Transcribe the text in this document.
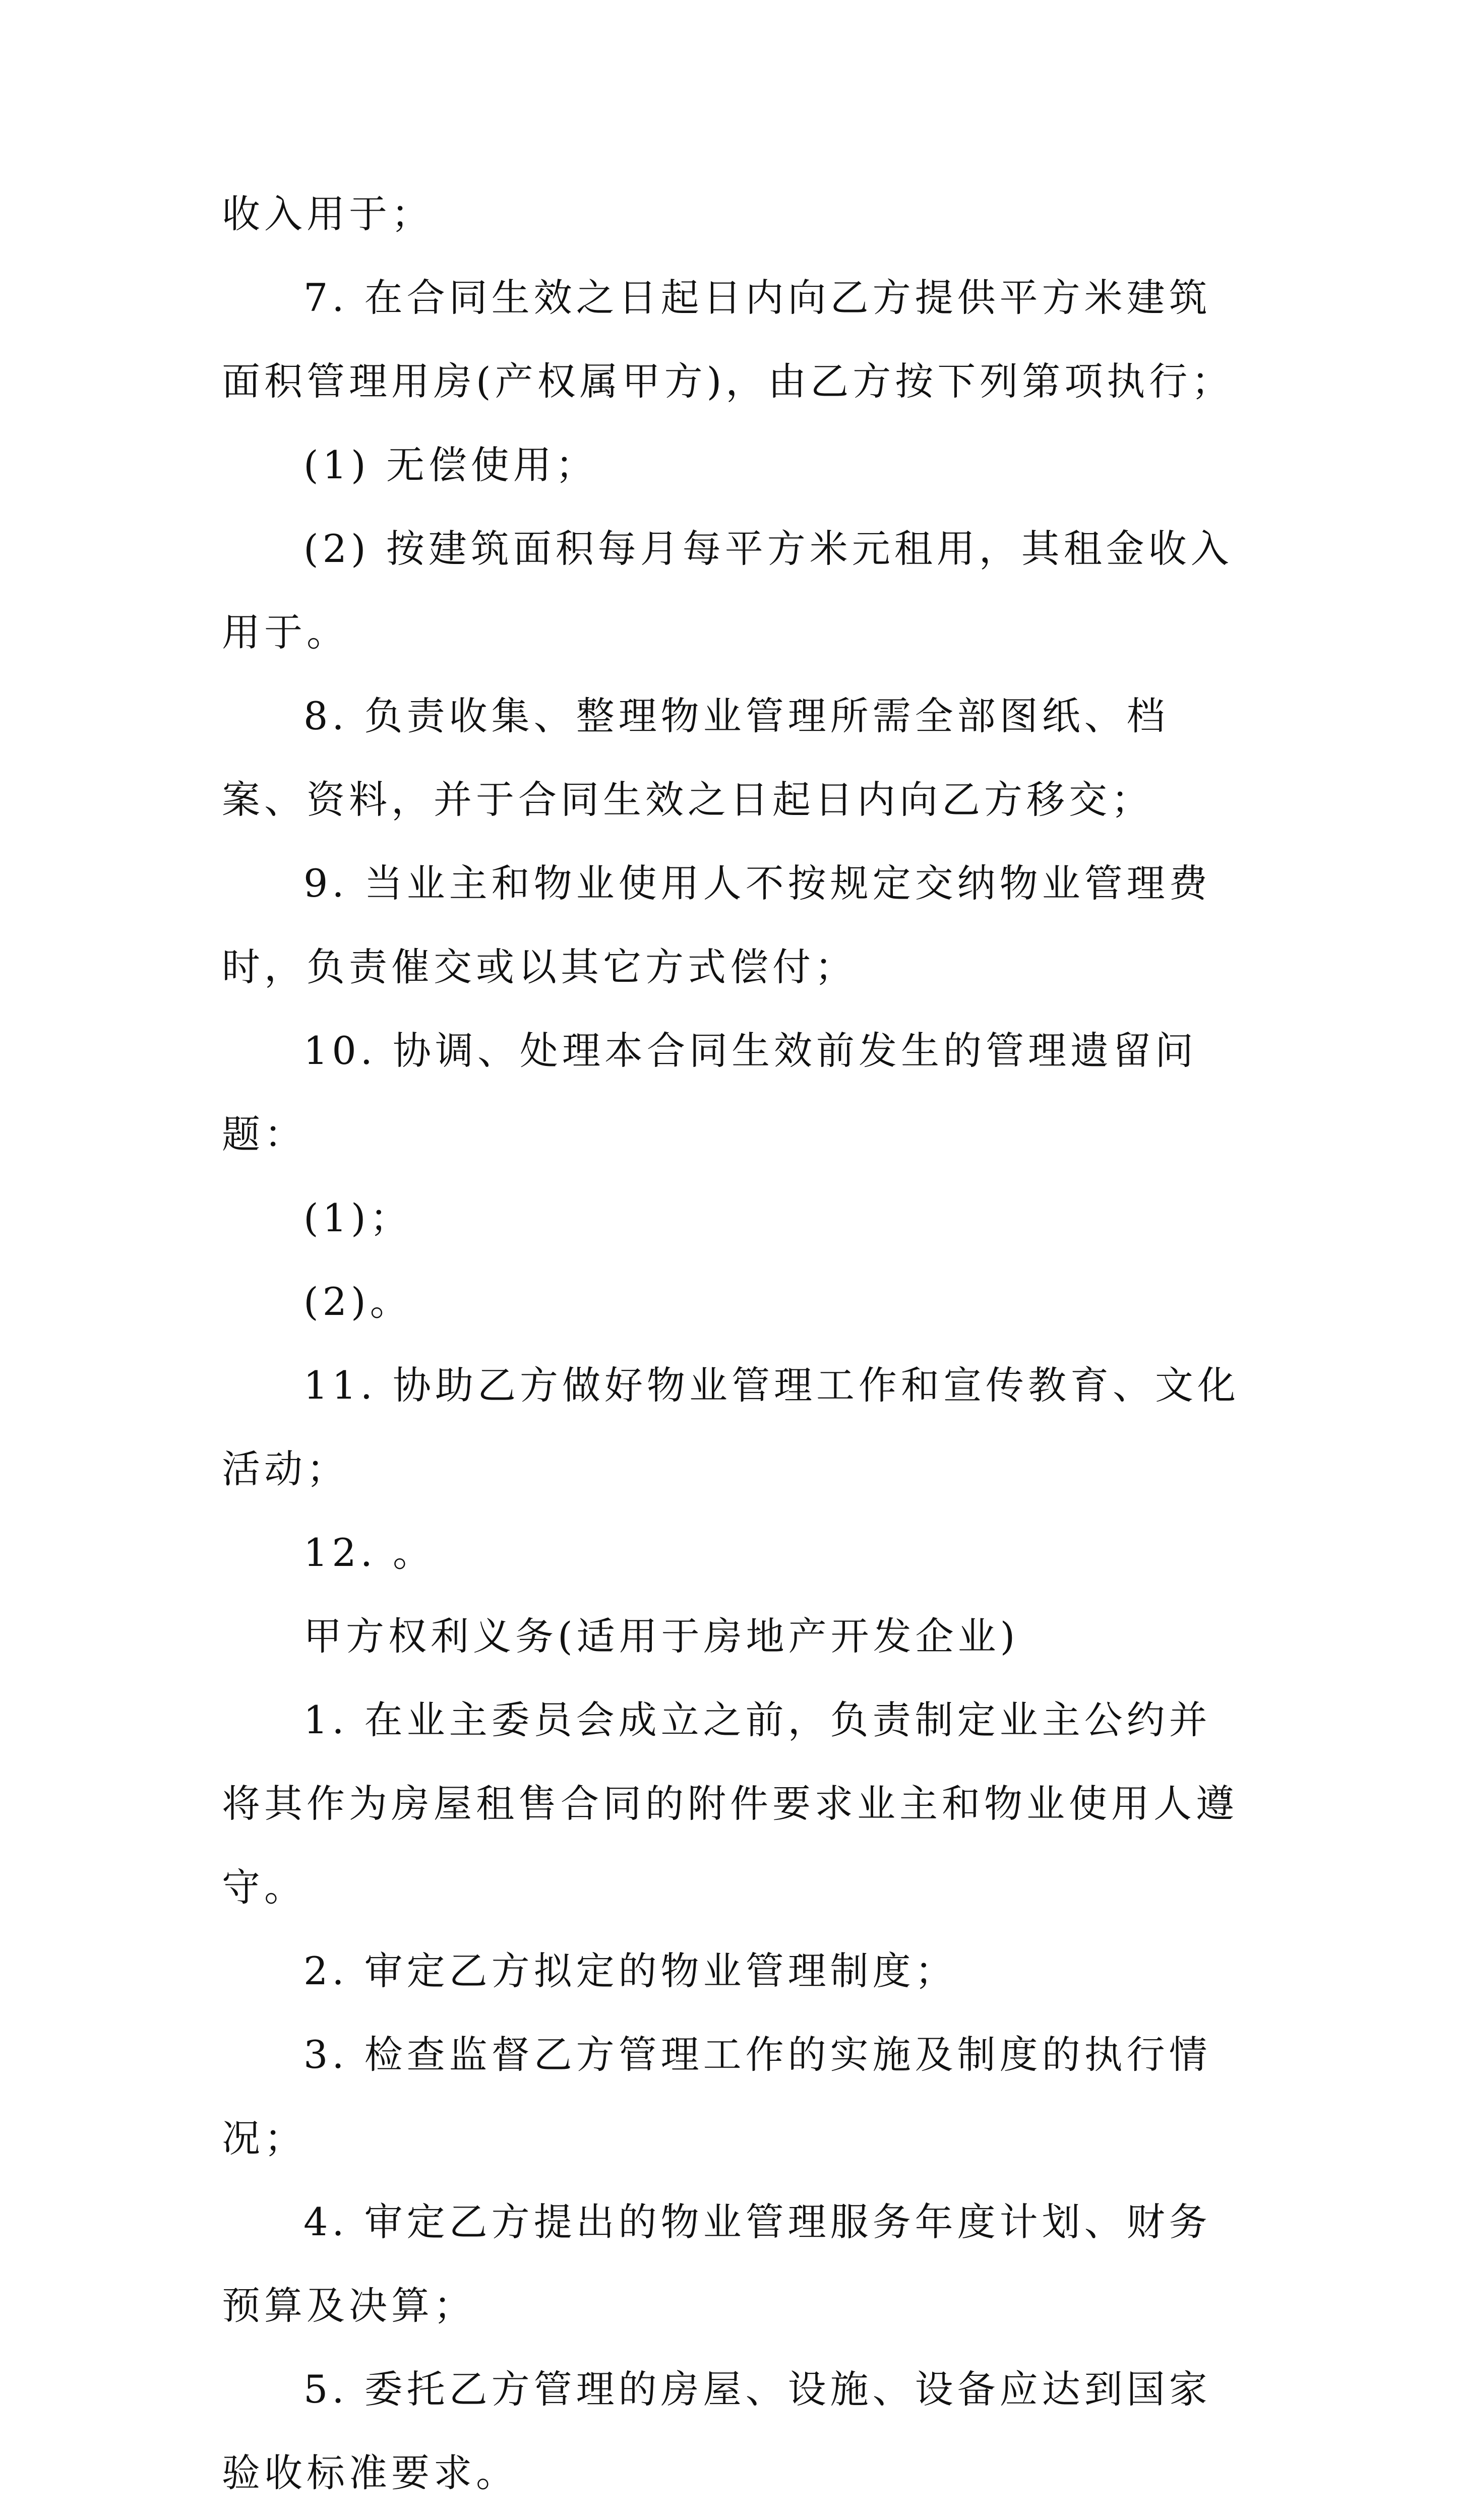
收入用于；

7. 在合同生效之日起日内向乙方提供平方米建筑面积管理用房(产权属甲方)，由乙方按下列第项执行；

(1) 无偿使用；

(2) 按建筑面积每月每平方米元租用，其租金收入用于。

8. 负责收集、整理物业管理所需全部图纸、档案、资料，并于合同生效之日起日内向乙方移交；

9. 当业主和物业使用人不按规定交纳物业管理费时，负责催交或以其它方式偿付；

10. 协调、处理本合同生效前发生的管理遗留问题：

(1)；

(2)。

11. 协助乙方做好物业管理工作和宣传教育、文化活动；

12. 。

甲方权利义务(适用于房地产开发企业)

1. 在业主委员会成立之前，负责制定业主公约并将其作为房屋租售合同的附件要求业主和物业使用人遵守。

2. 审定乙方拟定的物业管理制度；

3. 检查监督乙方管理工作的实施及制度的执行情况；

4. 审定乙方提出的物业管理服务年度计划、财务预算及决算；

5. 委托乙方管理的房屋、设施、设备应达到国家验收标准要求。
